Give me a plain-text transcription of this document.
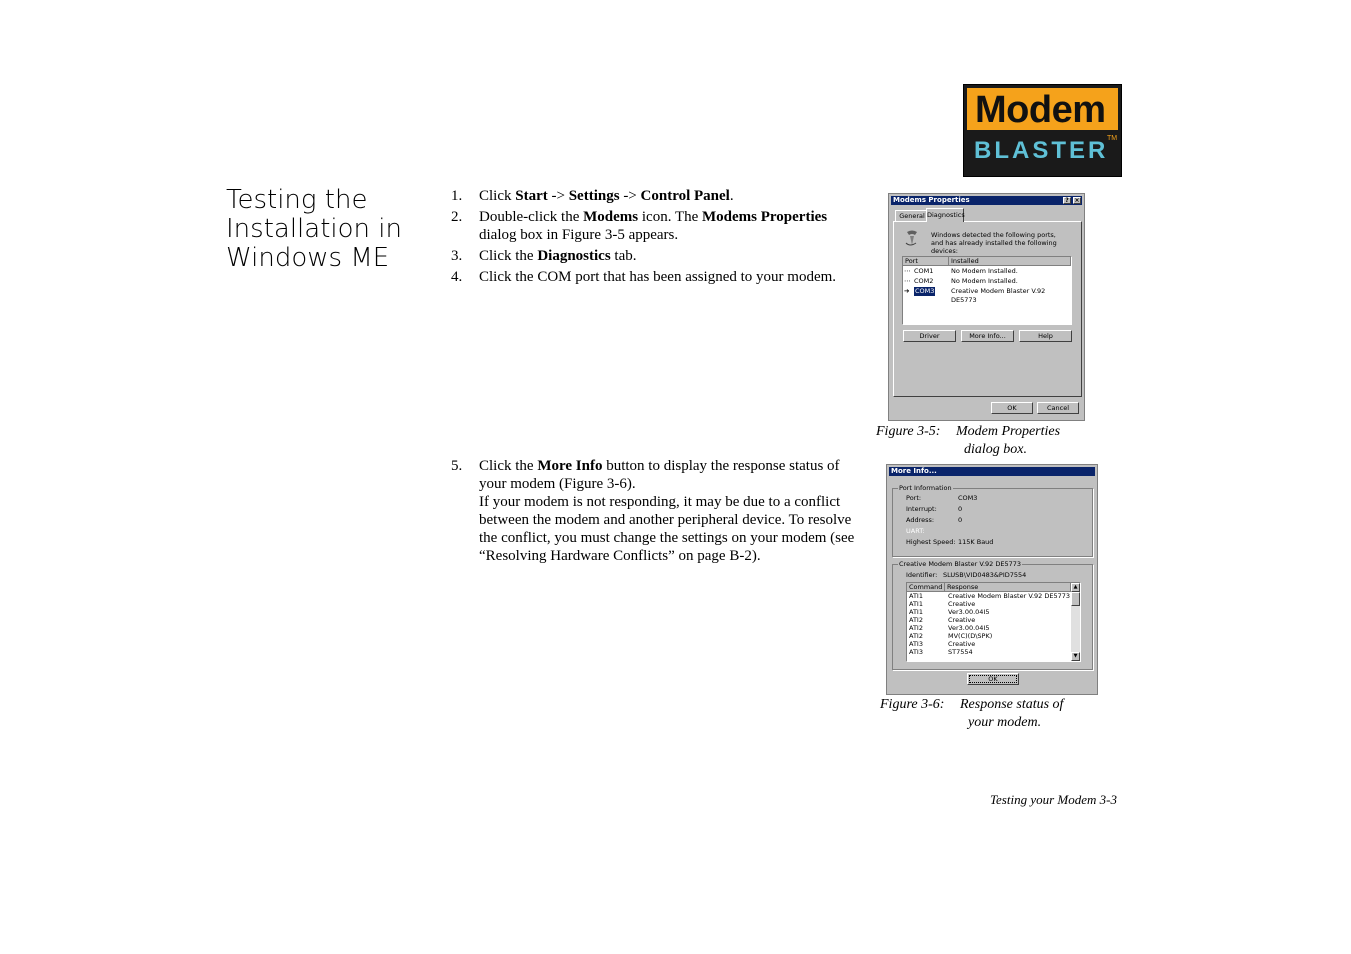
Modem
BLASTER
TM
Testing the Installation in Windows ME
1. Click Start -> Settings -> Control Panel.
2. Double-click the Modems icon. The Modems Properties dialog box in Figure 3-5 appears.
3. Click the Diagnostics tab.
4. Click the COM port that has been assigned to your modem.
5. Click the More Info button to display the response status of your modem (Figure 3-6).
If your modem is not responding, it may be due to a conflict between the modem and another peripheral device. To resolve the conflict, you must change the settings on your modem (see “Resolving Hardware Conflicts” on page B-2).
Modems Properties	? ×
General Diagnostics
Windows detected the following ports, and has already installed the following devices:
Port	Installed
⋯ COM1	No Modem Installed.
⋯ COM2	No Modem Installed.
➔ COM3	Creative Modem Blaster V.92 DE5773
Driver	More Info...	Help
OK	Cancel
Figure 3-5: Modem Properties
dialog box.
More Info...
Port Information
Port:	COM3
Interrupt:	0
Address:	0
UART:
Highest Speed: 115K Baud
Creative Modem Blaster V.92 DE5773
Identifier: SLUSB\VID0483&PID7554
Command Response
ATI1	Creative Modem Blaster V.92 DE5773
ATI1	Creative
ATI1	Ver3.00.04I5
ATI2	Creative
ATI2	Ver3.00.04I5
ATI2	MV(C)(D\SPK)
ATI3	Creative
ATI3	ST7554
▲
▼
OK
Figure 3-6: Response status of
your modem.
Testing your Modem 3-3
